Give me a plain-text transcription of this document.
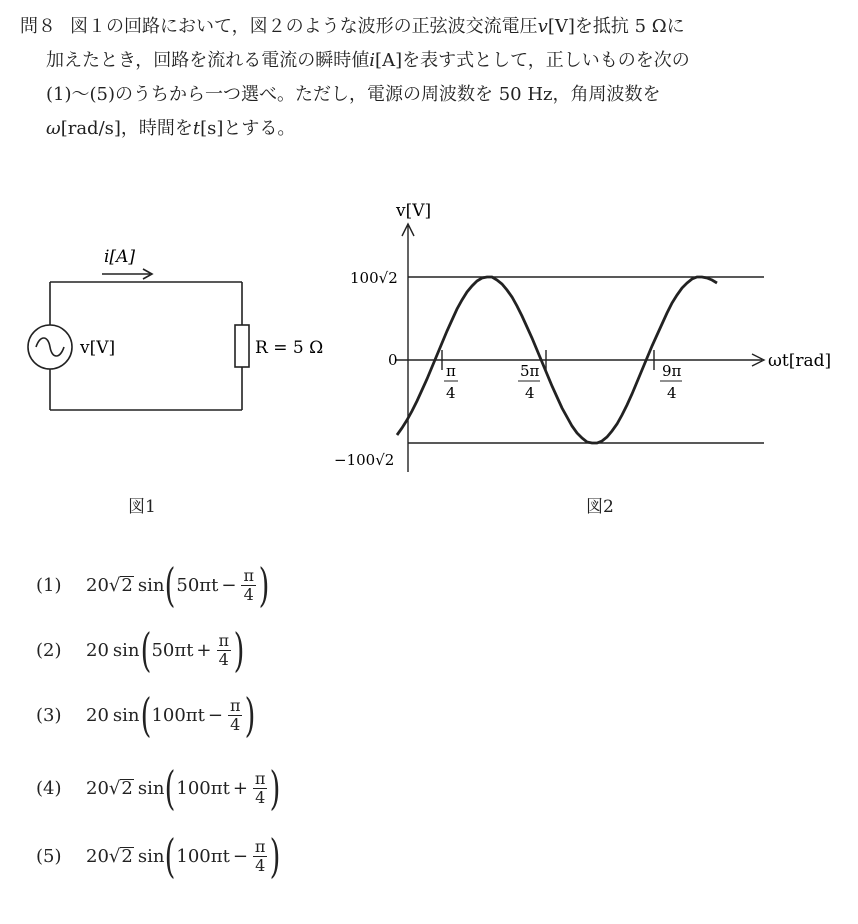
問８ 図１の回路において，図２のような波形の正弦波交流電圧v[V]を抵抗 5 Ωに
加えたとき，回路を流れる電流の瞬時値i[A]を表す式として，正しいものを次の
(1)～(5)のうちから一つ選べ。ただし，電源の周波数を 50 Hz，角周波数を
ω[rad/s]，時間をt[s]とする。
i[A]
v[V]	R = 5 Ω
図1
v[V]
ωt[rad]
100√2
0
−100√2
π
4
5π
4
9π
4
図2
(1)	20 √ 2 sin ( $50\pi t - \frac{\pi}{4}$ )
(2)	20 sin ( $50\pi t + \frac{\pi}{4}$ )
(3)	20 sin ( $100\pi t - \frac{\pi}{4}$ )
(4)	20 √ 2 sin ( $100\pi t + \frac{\pi}{4}$ )
(5)	20 √ 2 sin ( $100\pi t - \frac{\pi}{4}$ )
